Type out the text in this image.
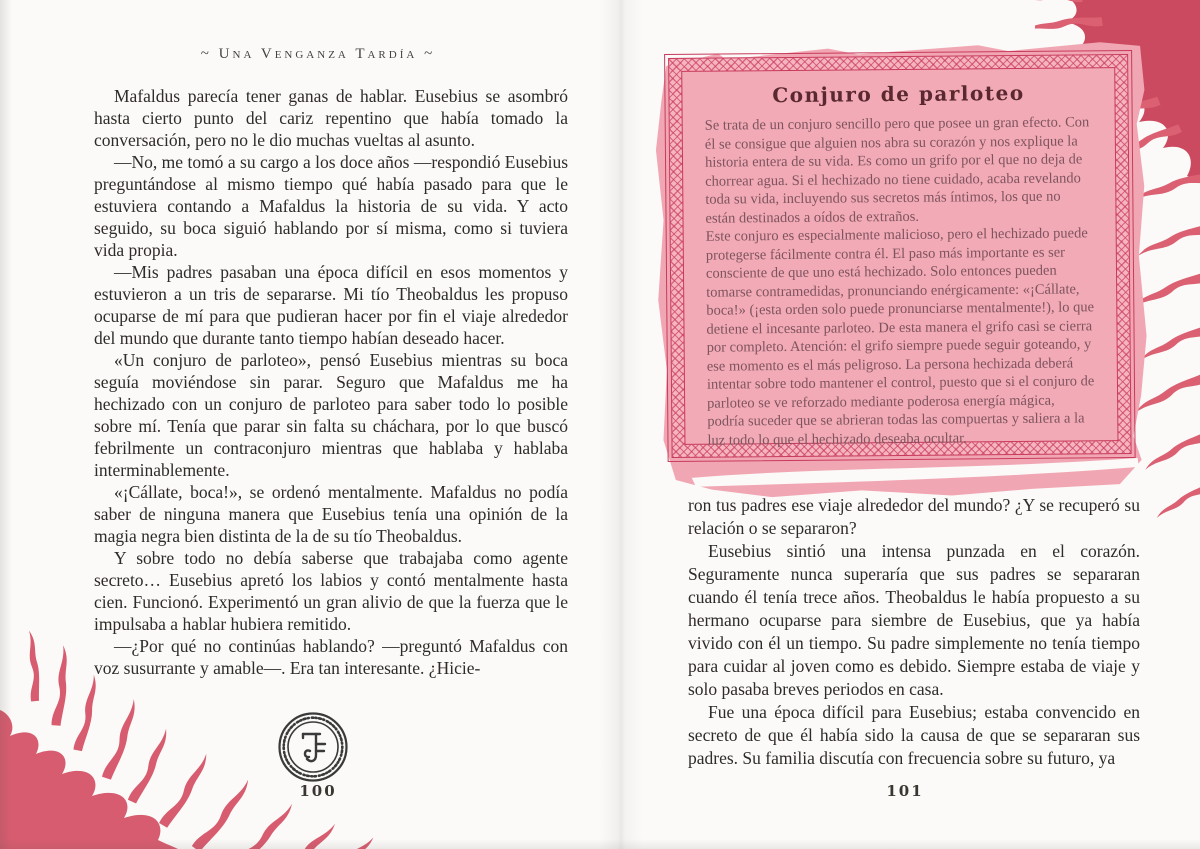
~ Una Venganza Tardía ~

Mafaldus parecía tener ganas de hablar. Eusebius se asombró hasta cierto punto del cariz repentino que había tomado la conversación, pero no le dio muchas vueltas al asunto.

—No, me tomó a su cargo a los doce años —respondió Eusebius preguntándose al mismo tiempo qué había pasado para que le estuviera contando a Mafaldus la historia de su vida. Y acto seguido, su boca siguió hablando por sí misma, como si tuviera vida propia.

—Mis padres pasaban una época difícil en esos momentos y estuvieron a un tris de separarse. Mi tío Theobaldus les propuso ocuparse de mí para que pudieran hacer por fin el viaje alrededor del mundo que durante tanto tiempo habían deseado hacer.

«Un conjuro de parloteo», pensó Eusebius mientras su boca seguía moviéndose sin parar. Seguro que Mafaldus me ha hechizado con un conjuro de parloteo para saber todo lo posible sobre mí. Tenía que parar sin falta su cháchara, por lo que buscó febrilmente un contraconjuro mientras que hablaba y hablaba interminablemente.

«¡Cállate, boca!», se ordenó mentalmente. Mafaldus no podía saber de ninguna manera que Eusebius tenía una opinión de la magia negra bien distinta de la de su tío Theobaldus.

Y sobre todo no debía saberse que trabajaba como agente secreto… Eusebius apretó los labios y contó mentalmente hasta cien. Funcionó. Experimentó un gran alivio de que la fuerza que le impulsaba a hablar hubiera remitido.

—¿Por qué no continúas hablando? —preguntó Mafaldus con voz susurrante y amable—. Era tan interesante. ¿Hicie-

100
Conjuro de parloteo

Se trata de un conjuro sencillo pero que posee un gran efecto. Con él se consigue que alguien nos abra su corazón y nos explique la historia entera de su vida. Es como un grifo por el que no deja de chorrear agua. Si el hechizado no tiene cuidado, acaba revelando toda su vida, incluyendo sus secretos más íntimos, los que no están destinados a oídos de extraños.

Este conjuro es especialmente malicioso, pero el hechizado puede protegerse fácilmente contra él. El paso más importante es ser consciente de que uno está hechizado. Solo entonces pueden tomarse contramedidas, pronunciando enérgicamente: «¡Cállate, boca!» (¡esta orden solo puede pronunciarse mentalmente!), lo que detiene el incesante parloteo. De esta manera el grifo casi se cierra por completo. Atención: el grifo siempre puede seguir goteando, y ese momento es el más peligroso. La persona hechizada deberá intentar sobre todo mantener el control, puesto que si el conjuro de parloteo se ve reforzado mediante poderosa energía mágica, podría suceder que se abrieran todas las compuertas y saliera a la luz todo lo que el hechizado deseaba ocultar.

ron tus padres ese viaje alrededor del mundo? ¿Y se recuperó su relación o se separaron?

Eusebius sintió una intensa punzada en el corazón. Seguramente nunca superaría que sus padres se separaran cuando él tenía trece años. Theobaldus le había propuesto a su hermano ocuparse para siembre de Eusebius, que ya había vivido con él un tiempo. Su padre simplemente no tenía tiempo para cuidar al joven como es debido. Siempre estaba de viaje y solo pasaba breves periodos en casa.

Fue una época difícil para Eusebius; estaba convencido en secreto de que él había sido la causa de que se separaran sus padres. Su familia discutía con frecuencia sobre su futuro, ya

101
